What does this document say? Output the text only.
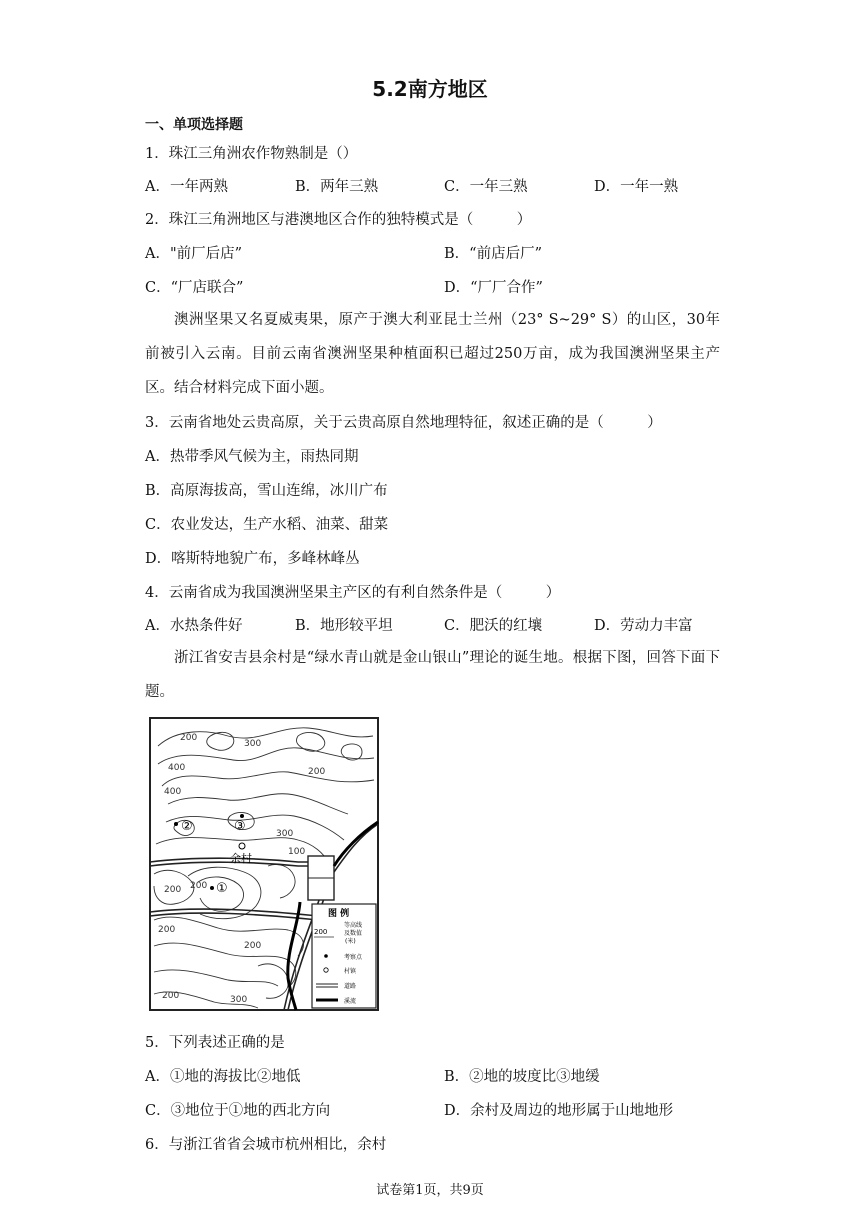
5.2南方地区
一、单项选择题
1．珠江三角洲农作物熟制是（）
A．一年两熟	B．两年三熟	C．一年三熟	D．一年一熟
2．珠江三角洲地区与港澳地区合作的独特模式是（　　　）
A．"前厂后店”	B．“前店后厂”
C．“厂店联合”	D．“厂厂合作”
澳洲坚果又名夏威夷果，原产于澳大利亚昆士兰州（23° S~29° S）的山区，30年前被引入云南。目前云南省澳洲坚果种植面积已超过250万亩，成为我国澳洲坚果主产区。结合材料完成下面小题。
3．云南省地处云贵高原，关于云贵高原自然地理特征，叙述正确的是（　　　）
A．热带季风气候为主，雨热同期
B．高原海拔高，雪山连绵，冰川广布
C．农业发达，生产水稻、油菜、甜菜
D．喀斯特地貌广布，多峰林峰丛
4．云南省成为我国澳洲坚果主产区的有利自然条件是（　　　）
A．水热条件好	B．地形较平坦	C．肥沃的红壤	D．劳动力丰富
浙江省安吉县余村是“绿水青山就是金山银山”理论的诞生地。根据下图，回答下面下题。
200
300
400
400
300
200
100
200 200
200
200
300
200
②	③
①
余村
图 例
200
等高线
及数值
(米)
考察点
村镇
道路
溪流
5．下列表述正确的是
A．①地的海拔比②地低	B．②地的坡度比③地缓
C．③地位于①地的西北方向	D．余村及周边的地形属于山地地形
6．与浙江省省会城市杭州相比，余村
试卷第1页，共9页
